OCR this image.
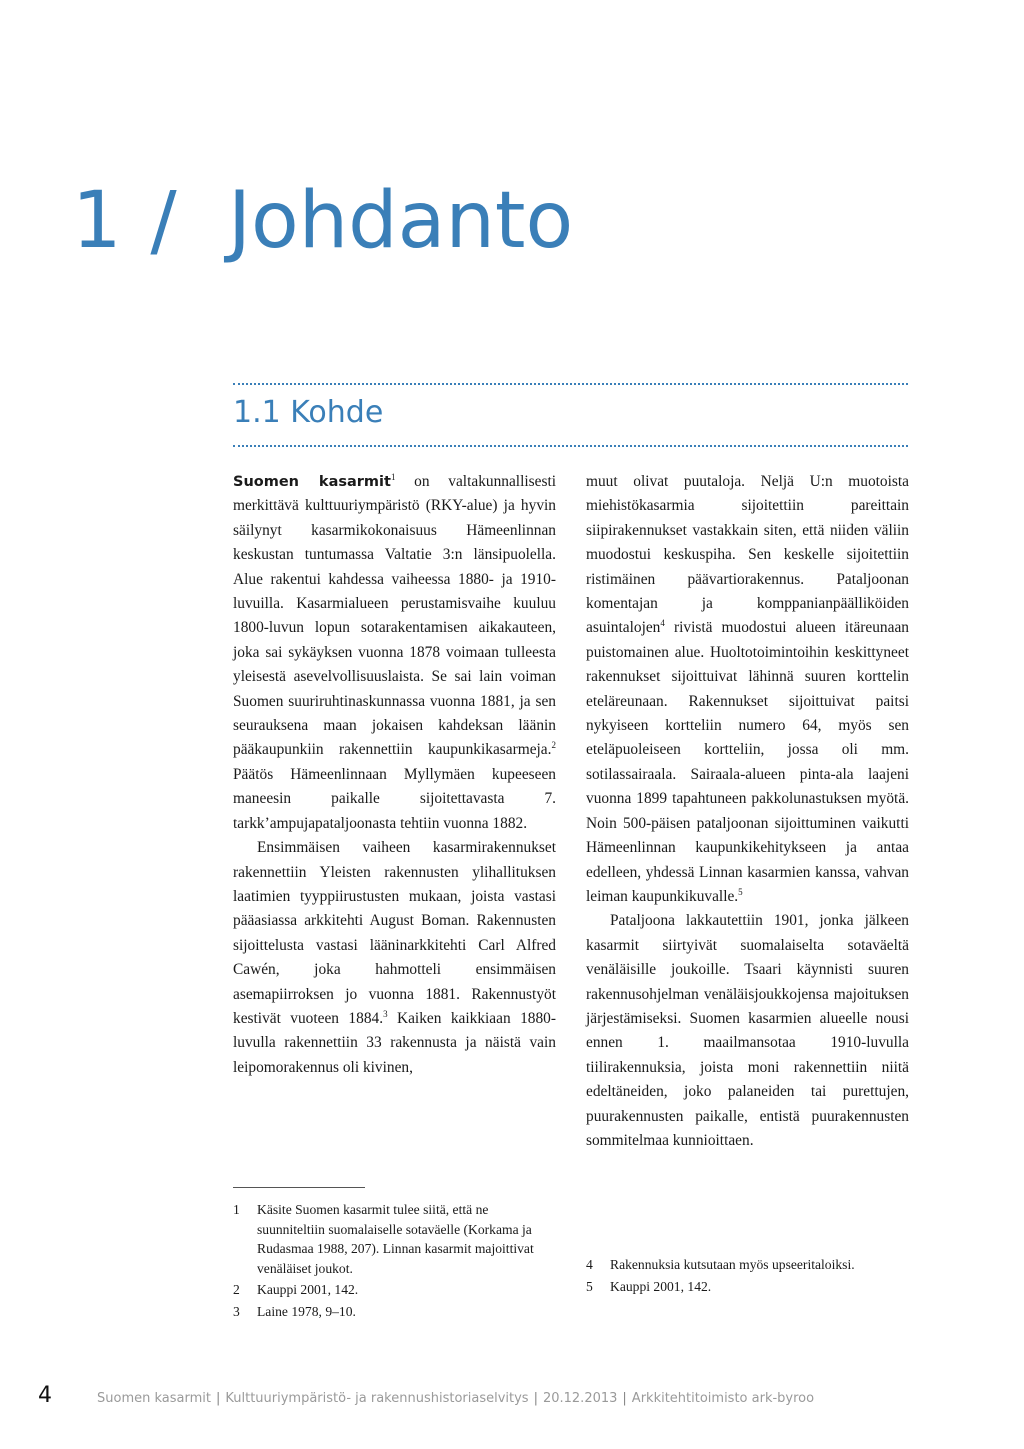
1 / Johdanto
1.1 Kohde

Suomen kasarmit$^1$ on valtakunnallisesti merkittävä kulttuuriympäristö (RKY-alue) ja hyvin säilynyt kasarmikokonaisuus Hämeenlinnan keskustan tuntumassa Valtatie 3:n länsipuolella. Alue rakentui kahdessa vaiheessa 1880- ja 1910-luvuilla. Kasarmialueen perustamisvaihe kuuluu 1800-luvun lopun sotarakentamisen aikakauteen, joka sai sykäyksen vuonna 1878 voimaan tulleesta yleisestä asevelvollisuuslaista. Se sai lain voiman Suomen suuriruhtinaskunnassa vuonna 1881, ja sen seurauksena maan jokaisen kahdeksan läänin pääkaupunkiin rakennettiin kaupunkikasarmeja.$^2$ Päätös Hämeenlinnaan Myllymäen kupeeseen maneesin paikalle sijoitettavasta 7. tarkk’ampujapataljoonasta tehtiin vuonna 1882.

Ensimmäisen vaiheen kasarmirakennukset rakennettiin Yleisten rakennusten ylihallituksen laatimien tyyppiirustusten mukaan, joista vastasi pääasiassa arkkitehti August Boman. Rakennusten sijoittelusta vastasi lääninarkkitehti Carl Alfred Cawén, joka hahmotteli ensimmäisen asemapiirroksen jo vuonna 1881. Rakennustyöt kestivät vuoteen 1884.$^3$ Kaiken kaikkiaan 1880-luvulla rakennettiin 33 rakennusta ja näistä vain leipomorakennus oli kivinen,

muut olivat puutaloja. Neljä U:n muotoista miehistökasarmia sijoitettiin pareittain siipirakennukset vastakkain siten, että niiden väliin muodostui keskuspiha. Sen keskelle sijoitettiin ristimäinen päävartiorakennus. Pataljoonan komentajan ja komppanianpäälliköiden asuintalojen$^4$ rivistä muodostui alueen itäreunaan puistomainen alue. Huoltotoimintoihin keskittyneet rakennukset sijoittuivat lähinnä suuren korttelin eteläreunaan. Rakennukset sijoittuivat paitsi nykyiseen kortteliin numero 64, myös sen eteläpuoleiseen kortteliin, jossa oli mm. sotilassairaala. Sairaala-alueen pinta-ala laajeni vuonna 1899 tapahtuneen pakkolunastuksen myötä. Noin 500-päisen pataljoonan sijoittuminen vaikutti Hämeenlinnan kaupunkikehitykseen ja antaa edelleen, yhdessä Linnan kasarmien kanssa, vahvan leiman kaupunkikuvalle.$^5$

Pataljoona lakkautettiin 1901, jonka jälkeen kasarmit siirtyivät suomalaiselta sotaväeltä venäläisille joukoille. Tsaari käynnisti suuren rakennusohjelman venäläisjoukkojensa majoituksen järjestämiseksi. Suomen kasarmien alueelle nousi ennen 1. maailmansotaa 1910-luvulla tiilirakennuksia, joista moni rakennettiin niitä edeltäneiden, joko palaneiden tai purettujen, puurakennusten paikalle, entistä puurakennusten sommitelmaa kunnioittaen.

1	Käsite Suomen kasarmit tulee siitä, että ne suunniteltiin suomalaiselle sotaväelle (Korkama ja Rudasmaa 1988, 207). Linnan kasarmit majoittivat venäläiset joukot.
2	Kauppi 2001, 142.
3	Laine 1978, 9–10.
4	Rakennuksia kutsutaan myös upseeritaloiksi.
5	Kauppi 2001, 142.
4	Suomen kasarmit | Kulttuuriympäristö- ja rakennushistoriaselvitys | 20.12.2013 | Arkkitehtitoimisto ark-byroo
